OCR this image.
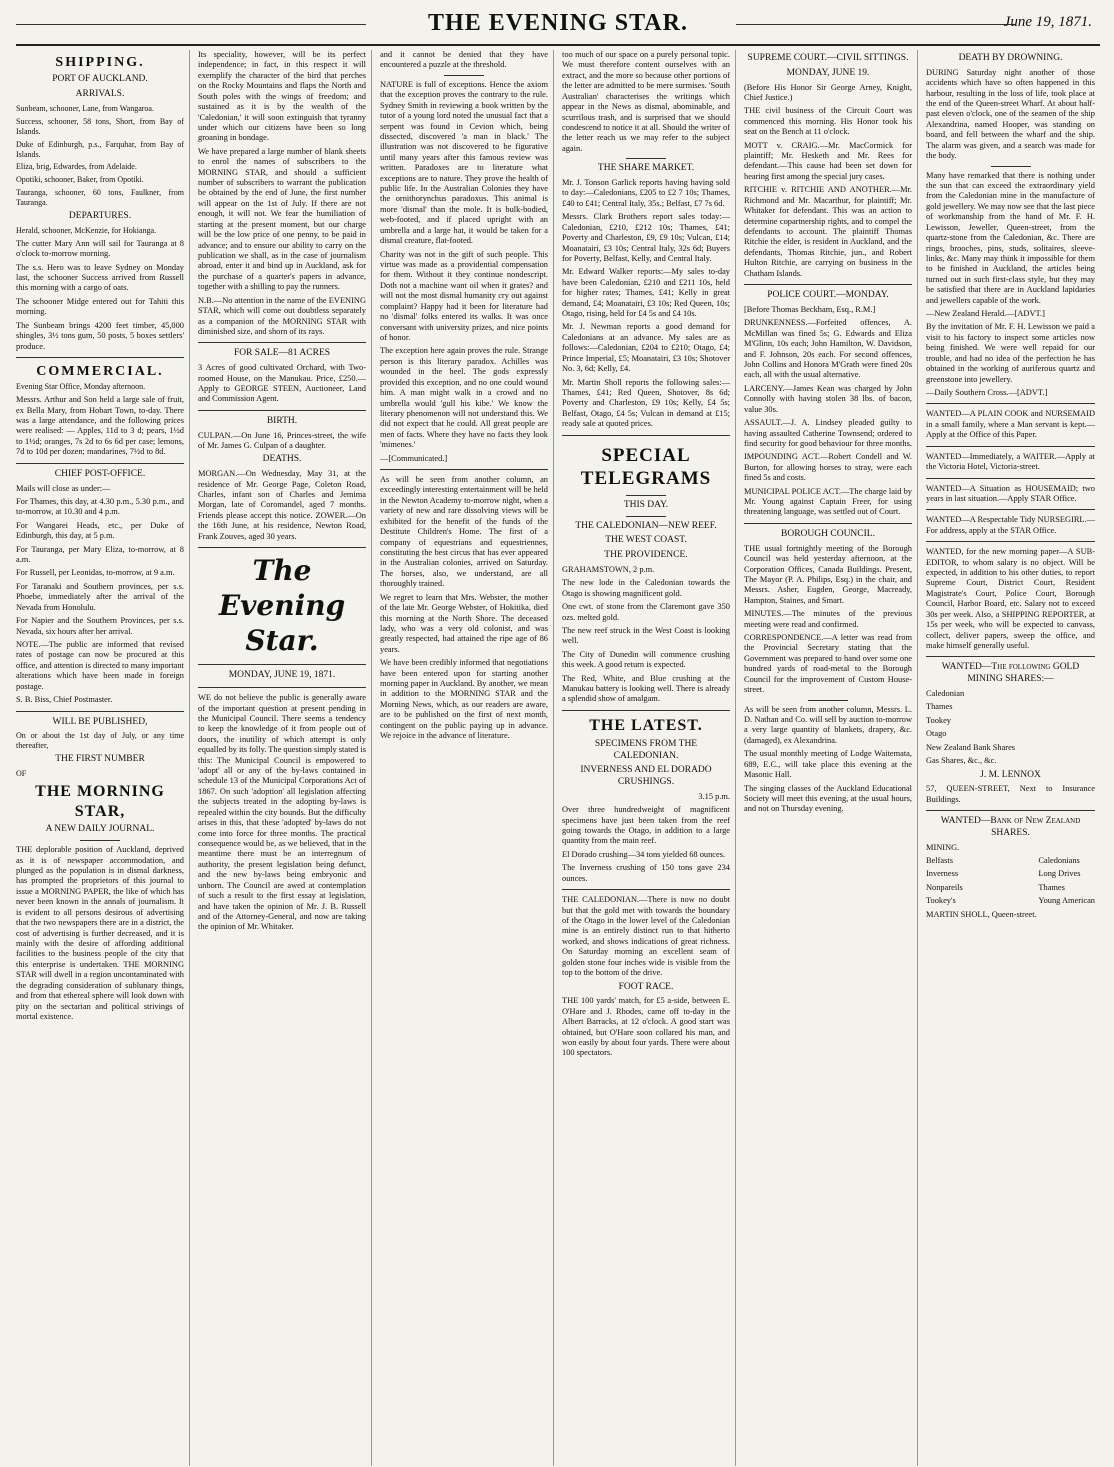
THE EVENING STAR.	June 19, 1871.
SHIPPING.
PORT OF AUCKLAND.
ARRIVALS.

Sunbeam, schooner, Lane, from Wangaroa.

Success, schooner, 58 tons, Short, from Bay of Islands.

Duke of Edinburgh, p.s., Farquhar, from Bay of Islands.

Eliza, brig, Edwardes, from Adelaide.

Opotiki, schooner, Baker, from Opotiki.

Tauranga, schooner, 60 tons, Faulkner, from Tauranga.

DEPARTURES.

Herald, schooner, McKenzie, for Hokianga.

The cutter Mary Ann will sail for Tauranga at 8 o'clock to-morrow morning.

The s.s. Hero was to leave Sydney on Monday last, the schooner Success arrived from Russell this morning with a cargo of oats.

The schooner Midge entered out for Tahiti this morning.

The Sunbeam brings 4200 feet timber, 45,000 shingles, 3½ tons gum, 50 posts, 5 boxes settlers' produce.

COMMERCIAL.

Evening Star Office, Monday afternoon.

Messrs. Arthur and Son held a large sale of fruit, ex Bella Mary, from Hobart Town, to-day. There was a large attendance, and the following prices were realised: — Apples, 11d to 3 d; pears, 1½d to 1½d; oranges, 7s 2d to 6s 6d per case; lemons, 7d to 10d per dozen; mandarines, 7½d to 8d.

CHIEF POST-OFFICE.

Mails will close as under:—

For Thames, this day, at 4.30 p.m., 5.30 p.m., and to-morrow, at 10.30 and 4 p.m.

For Wangarei Heads, etc., per Duke of Edinburgh, this day, at 5 p.m.

For Tauranga, per Mary Eliza, to-morrow, at 8 a.m.

For Russell, per Leonidas, to-morrow, at 9 a.m.

For Taranaki and Southern provinces, per s.s. Phoebe, immediately after the arrival of the Nevada from Honolulu.

For Napier and the Southern Provinces, per s.s. Nevada, six hours after her arrival.

NOTE.—The public are informed that revised rates of postage can now be procured at this office, and attention is directed to many important alterations which have been made in foreign postage.

S. B. Biss, Chief Postmaster.

WILL BE PUBLISHED,

On or about the 1st day of July, or any time thereafter,

THE FIRST NUMBER

OF

THE MORNING STAR,
A NEW DAILY JOURNAL.

THE deplorable position of Auckland, deprived as it is of newspaper accommodation, and plunged as the population is in dismal darkness, has prompted the proprietors of this journal to issue a MORNING PAPER, the like of which has never been known in the annals of journalism. It is evident to all persons desirous of advertising that the two newspapers there are in a district, the cost of advertising is further decreased, and it is mainly with the desire of affording additional facilities to the business people of the city that this enterprise is undertaken. THE MORNING STAR will dwell in a region uncontaminated with the degrading consideration of sublunary things, and from that ethereal sphere will look down with pity on the sectarian and political strivings of mortal existence.

Its speciality, however, will be its perfect independence; in fact, in this respect it will exemplify the character of the bird that perches on the Rocky Mountains and flaps the North and South poles with the wings of freedom; and sustained as it is by the wealth of the 'Caledonian,' it will soon extinguish that tyranny under which our citizens have been so long groaning in bondage.

We have prepared a large number of blank sheets to enrol the names of subscribers to the MORNING STAR, and should a sufficient number of subscribers to warrant the publication be obtained by the end of June, the first number will appear on the 1st of July. If there are not enough, it will not. We fear the humiliation of starting at the present moment, but our charge will be the low price of one penny, to be paid in advance; and to ensure our ability to carry on the publication we shall, as in the case of journalism abroad, enter it and bind up in Auckland, ask for the purchase of a quarter's papers in advance, together with a shilling to pay the runners.

N.B.—No attention in the name of the EVENING STAR, which will come out doubtless separately as a companion of the MORNING STAR with diminished size, and shorn of its rays.

FOR SALE—81 ACRES

3 Acres of good cultivated Orchard, with Two-roomed House, on the Manukau. Price, £250.—Apply to GEORGE STEEN, Auctioneer, Land and Commission Agent.

BIRTH.

CULPAN.—On June 16, Princes-street, the wife of Mr. James G. Culpan of a daughter.

DEATHS.

MORGAN.—On Wednesday, May 31, at the residence of Mr. George Page, Coleton Road, Charles, infant son of Charles and Jemima Morgan, late of Coromandel, aged 7 months. Friends please accept this notice. ZOWER.—On the 16th June, at his residence, Newton Road, Frank Zouves, aged 30 years.

The Evening Star.
MONDAY, JUNE 19, 1871.

WE do not believe the public is generally aware of the important question at present pending in the Municipal Council. There seems a tendency to keep the knowledge of it from people out of doors, the inutility of which attempt is only equalled by its folly. The question simply stated is this: The Municipal Council is empowered to 'adopt' all or any of the by-laws contained in schedule 13 of the Municipal Corporations Act of 1867. On such 'adoption' all legislation affecting the subjects treated in the adopting by-laws is repealed within the city bounds. But the difficulty arises in this, that these 'adopted' by-laws do not come into force for three months. The practical consequence would be, as we believed, that in the meantime there must be an interregnum of authority, the present legislation being defunct, and the new by-laws being embryonic and unborn. The Council are awed at contemplation of such a result to the first essay at legislation, and have taken the opinion of Mr. J. B. Russell and of the Attorney-General, and now are taking the opinion of Mr. Whitaker.

and it cannot be denied that they have encountered a puzzle at the threshold.

NATURE is full of exceptions. Hence the axiom that the exception proves the contrary to the rule. Sydney Smith in reviewing a book written by the tutor of a young lord noted the unusual fact that a serpent was found in Cevion which, being dissected, discovered 'a man in black.' The illustration was not discovered to be figurative until many years after this famous review was written. Paradoxes are to literature what exceptions are to nature. They prove the health of public life. In the Australian Colonies they have the ornithorynchus paradoxus. This animal is more 'dismal' than the mole. It is bulk-bodied, web-footed, and if placed upright with an umbrella and a large hat, it would be taken for a dismal creature, flat-footed.

Charity was not in the gift of such people. This virtue was made as a providential compensation for them. Without it they continue nondescript. Doth not a machine want oil when it grates? and will not the most dismal humanity cry out against complaint? Happy had it been for literature had no 'dismal' folks entered its walks. It was once conversant with university prizes, and nice points of honor.

The exception here again proves the rule. Strange person is this literary paradox. Achilles was wounded in the heel. The gods expressly provided this exception, and no one could wound him. A man might walk in a crowd and no umbrella would 'gull his kibe.' We know the literary phenomenon will not understand this. We did not expect that he could. All great people are men of facts. Where they have no facts they look 'mimenes.'

—[Communicated.]

As will be seen from another column, an exceedingly interesting entertainment will be held in the Newton Academy to-morrow night, when a variety of new and rare dissolving views will be exhibited for the benefit of the funds of the Destitute Children's Home. The first of a company of equestrians and equestriennes, constituting the best circus that has ever appeared in the Australian colonies, arrived on Saturday. The horses, also, we understand, are all thoroughly trained.

We regret to learn that Mrs. Webster, the mother of the late Mr. George Webster, of Hokitika, died this morning at the North Shore. The deceased lady, who was a very old colonist, and was greatly respected, had attained the ripe age of 86 years.

We have been credibly informed that negotiations have been entered upon for starting another morning paper in Auckland. By another, we mean in addition to the MORNING STAR and the Morning News, which, as our readers are aware, are to be published on the first of next month, contingent on the public paying up in advance. We rejoice in the advance of literature.

too much of our space on a purely personal topic. We must therefore content ourselves with an extract, and the more so because other portions of the letter are admitted to be mere surmises. 'South Australian' characterises the writings which appear in the News as dismal, abominable, and scurrilous trash, and is surprised that we should condescend to notice it at all. Should the writer of the letter reach us we may refer to the subject again.

THE SHARE MARKET.

Mr. J. Tonson Garlick reports having having sold to day:—Caledonians, £205 to £2 7 10s; Thames, £40 to £41; Central Italy, 35s.; Belfast, £7 7s 6d.

Messrs. Clark Brothers report sales today:—Caledonian, £210, £212 10s; Thames, £41; Poverty and Charleston, £9, £9 10s; Vulcan, £14; Moanatairi, £3 10s; Central Italy, 32s 6d; Buyers for Poverty, Belfast, Kelly, and Central Italy.

Mr. Edward Walker reports:—My sales to-day have been Caledonian, £210 and £211 10s, held for higher rates; Thames, £41; Kelly in great demand, £4; Moanatairi, £3 10s; Red Queen, 10s; Otago, rising, held for £4 5s and £4 10s.

Mr. J. Newman reports a good demand for Caledonians at an advance. My sales are as follows:—Caledonian, £204 to £210; Otago, £4; Prince Imperial, £5; Moanatairi, £3 10s; Shotover No. 3, 6d; Kelly, £4.

Mr. Martin Sholl reports the following sales:—Thames, £41; Red Queen, Shotover, 8s 6d; Poverty and Charleston, £9 10s; Kelly, £4 5s; Belfast, Otago, £4 5s; Vulcan in demand at £15; ready sale at quoted prices.

SPECIAL TELEGRAMS
THIS DAY.
THE CALEDONIAN—NEW REEF.
THE WEST COAST.
THE PROVIDENCE.

GRAHAMSTOWN, 2 p.m.

The new lode in the Caledonian towards the Otago is showing magnificent gold.

One cwt. of stone from the Claremont gave 350 ozs. melted gold.

The new reef struck in the West Coast is looking well.

The City of Dunedin will commence crushing this week. A good return is expected.

The Red, White, and Blue crushing at the Manukau battery is looking well. There is already a splendid show of amalgam.

THE LATEST.
SPECIMENS FROM THE CALEDONIAN.
INVERNESS AND EL DORADO CRUSHINGS.

3.15 p.m.

Over three hundredweight of magnificent specimens have just been taken from the reef going towards the Otago, in addition to a large quantity from the main reef.

El Dorado crushing—34 tons yielded 68 ounces.

The Inverness crushing of 150 tons gave 234 ounces.

THE CALEDONIAN.—There is now no doubt but that the gold met with towards the boundary of the Otago in the lower level of the Caledonian mine is an entirely distinct run to that hitherto worked, and shows indications of great richness. On Saturday morning an excellent seam of golden stone four inches wide is visible from the top to the bottom of the drive.

FOOT RACE.

THE 100 yards' match, for £5 a-side, between E. O'Hare and J. Rhodes, came off to-day in the Albert Barracks, at 12 o'clock. A good start was obtained, but O'Hare soon collared his man, and won easily by about four yards. There were about 100 spectators.

SUPREME COURT.—CIVIL SITTINGS.
MONDAY, JUNE 19.

(Before His Honor Sir George Arney, Knight, Chief Justice.)

THE civil business of the Circuit Court was commenced this morning. His Honor took his seat on the Bench at 11 o'clock.

MOTT v. CRAIG.—Mr. MacCormick for plaintiff; Mr. Hesketh and Mr. Rees for defendant.—This cause had been set down for hearing first among the special jury cases.

RITCHIE v. RITCHIE AND ANOTHER.—Mr. Richmond and Mr. Macarthur, for plaintiff; Mr. Whitaker for defendant. This was an action to determine copartnership rights, and to compel the defendants to account. The plaintiff Thomas Ritchie the elder, is resident in Auckland, and the defendants, Thomas Ritchie, jun., and Robert Hulton Ritchie, are carrying on business in the Chatham Islands.

POLICE COURT.—MONDAY.

[Before Thomas Beckham, Esq., R.M.]

DRUNKENNESS.—Forfeited offences, A. McMillan was fined 5s; G. Edwards and Eliza M'Glinn, 10s each; John Hamilton, W. Davidson, and F. Johnson, 20s each. For second offences, John Collins and Honora M'Grath were fined 20s each, all with the usual alternative.

LARCENY.—James Kean was charged by John Connolly with having stolen 38 lbs. of bacon, value 30s.

ASSAULT.—J. A. Lindsey pleaded guilty to having assaulted Catherine Townsend; ordered to find security for good behaviour for three months.

IMPOUNDING ACT.—Robert Condell and W. Burton, for allowing horses to stray, were each fined 5s and costs.

MUNICIPAL POLICE ACT.—The charge laid by Mr. Young against Captain Freer, for using threatening language, was settled out of Court.

BOROUGH COUNCIL.

THE usual fortnightly meeting of the Borough Council was held yesterday afternoon, at the Corporation Offices, Canada Buildings. Present, The Mayor (P. A. Philips, Esq.) in the chair, and Messrs. Asher, Eugden, George, Macready, Hampton, Staines, and Smart.

MINUTES.—The minutes of the previous meeting were read and confirmed.

CORRESPONDENCE.—A letter was read from the Provincial Secretary stating that the Government was prepared to hand over some one hundred yards of road-metal to the Borough Council for the improvement of Custom House-street.

As will be seen from another column, Messrs. L. D. Nathan and Co. will sell by auction to-morrow a very large quantity of blankets, drapery, &c. (damaged), ex Alexandrina.

The usual monthly meeting of Lodge Waitemata, 689, E.C., will take place this evening at the Masonic Hall.

The singing classes of the Auckland Educational Society will meet this evening, at the usual hours, and not on Thursday evening.

DEATH BY DROWNING.

DURING Saturday night another of those accidents which have so often happened in this harbour, resulting in the loss of life, took place at the end of the Queen-street Wharf. At about half-past eleven o'clock, one of the seamen of the ship Alexandrina, named Hooper, was standing on board, and fell between the wharf and the ship. The alarm was given, and a search was made for the body.

Many have remarked that there is nothing under the sun that can exceed the extraordinary yield from the Caledonian mine in the manufacture of gold jewellery. We may now see that the last piece of workmanship from the hand of Mr. F. H. Lewisson, Jeweller, Queen-street, from the quartz-stone from the Caledonian, &c. There are rings, brooches, pins, studs, solitaires, sleeve-links, &c. Many may think it impossible for them to be finished in Auckland, the articles being turned out in such first-class style, but they may be satisfied that there are in Auckland lapidaries and jewellers capable of the work.

—New Zealand Herald.—[ADVT.]

By the invitation of Mr. F. H. Lewisson we paid a visit to his factory to inspect some articles now being finished. We were well repaid for our trouble, and had no idea of the perfection he has obtained in the working of auriferous quartz and greenstone into jewellery.

—Daily Southern Cross.—[ADVT.]

WANTED—A PLAIN COOK and NURSEMAID in a small family, where a Man servant is kept.—Apply at the Office of this Paper.

WANTED—Immediately, a WAITER.—Apply at the Victoria Hotel, Victoria-street.

WANTED—A Situation as HOUSEMAID; two years in last situation.—Apply STAR Office.

WANTED—A Respectable Tidy NURSEGIRL.—For address, apply at the STAR Office.

WANTED, for the new morning paper—A SUB-EDITOR, to whom salary is no object. Will be expected, in addition to his other duties, to report Supreme Court, District Court, Resident Magistrate's Court, Police Court, Borough Council, Harbor Board, etc. Salary not to exceed 30s per week. Also, a SHIPPING REPORTER, at 15s per week, who will be expected to canvass, collect, deliver papers, sweep the office, and make himself generally useful.

WANTED—The following GOLD MINING SHARES:—

Caledonian

Thames

Tookey

Otago

New Zealand Bank Shares

Gas Shares, &c., &c.

J. M. LENNOX

57, QUEEN-STREET, Next to Insurance Buildings.

WANTED—Bank of New Zealand SHARES.

MINING.

Belfasts

Inverness

Nonpareils

Tookey's

Caledonians

Long Drives

Thames

Young American

MARTIN SHOLL, Queen-street.
